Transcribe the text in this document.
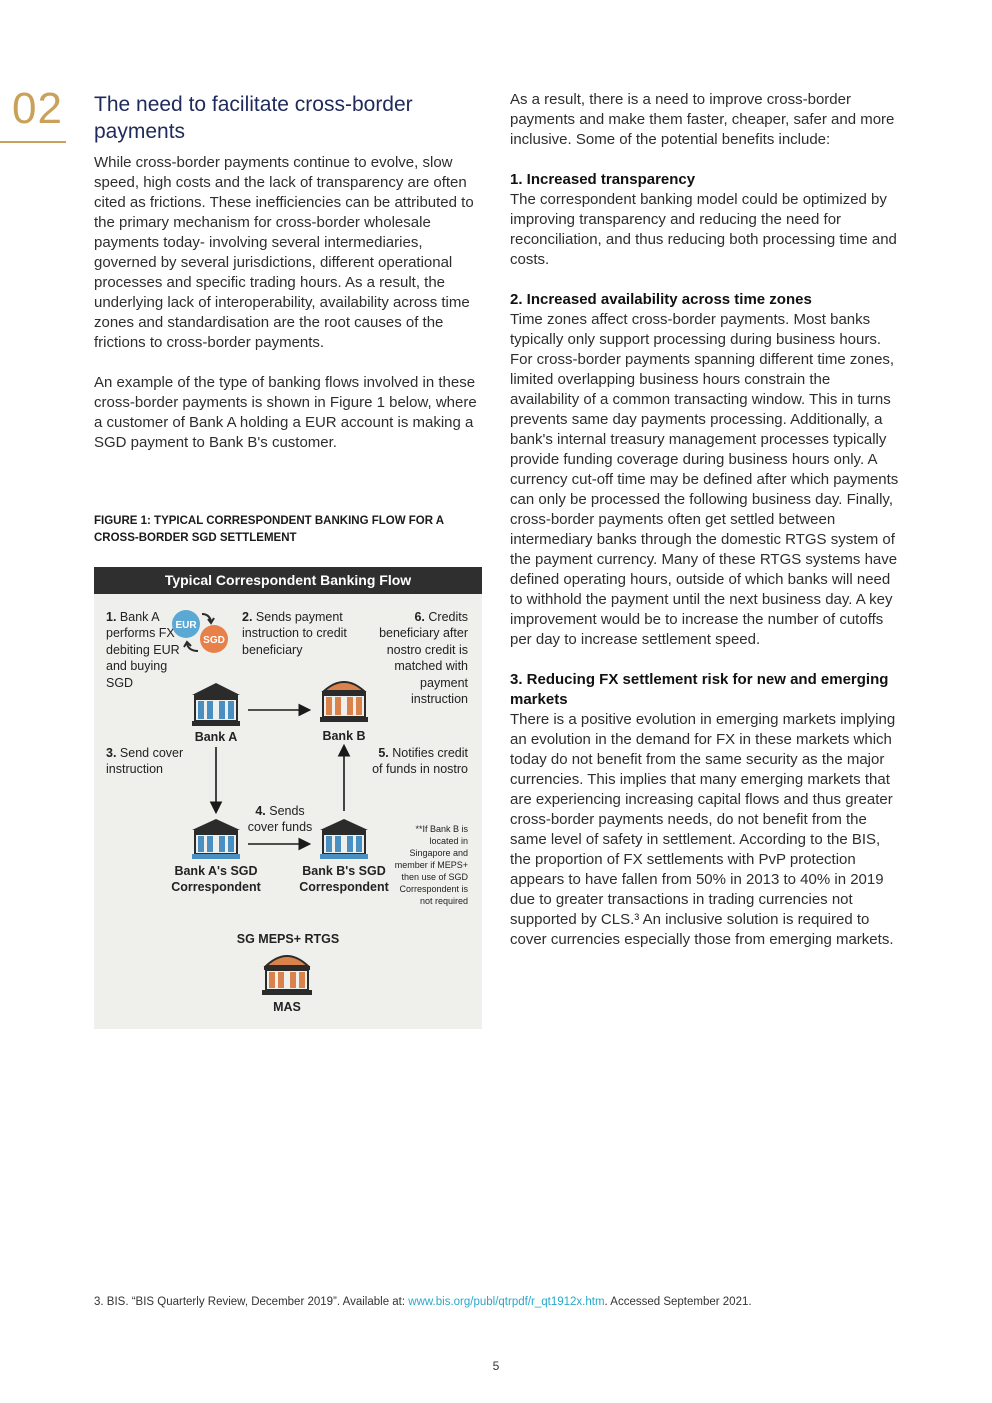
02 The need to facilitate cross-border payments

While cross-border payments continue to evolve, slow speed, high costs and the lack of transparency are often cited as frictions. These inefficiencies can be attributed to the primary mechanism for cross-border wholesale payments today- involving several intermediaries, governed by several jurisdictions, different operational processes and specific trading hours. As a result, the underlying lack of interoperability, availability across time zones and standardisation are the root causes of the frictions to cross-border payments.

An example of the type of banking flows involved in these cross-border payments is shown in Figure 1 below, where a customer of Bank A holding a EUR account is making a SGD payment to Bank B's customer.

FIGURE 1: TYPICAL CORRESPONDENT BANKING FLOW FOR A CROSS-BORDER SGD SETTLEMENT

Typical Correspondent Banking Flow
1. Bank A performs FX debiting EUR and buying SGD
EUR
SGD
2. Sends payment instruction to credit beneficiary
6. Credits beneficiary after nostro credit is matched with payment instruction
Bank A	Bank B
3. Send cover instruction
5. Notifies credit of funds in nostro
4. Sends cover funds
Bank A's SGD Correspondent
Bank B's SGD Correspondent
**If Bank B is located in Singapore and member if MEPS+ then use of SGD Correspondent is not required
SG MEPS+ RTGS
MAS

As a result, there is a need to improve cross-border payments and make them faster, cheaper, safer and more inclusive. Some of the potential benefits include:

1. Increased transparency

The correspondent banking model could be optimized by improving transparency and reducing the need for reconciliation, and thus reducing both processing time and costs.

2. Increased availability across time zones

Time zones affect cross-border payments. Most banks typically only support processing during business hours. For cross-border payments spanning different time zones, limited overlapping business hours constrain the availability of a common transacting window. This in turns prevents same day payments processing. Additionally, a bank's internal treasury management processes typically provide funding coverage during business hours only. A currency cut-off time may be defined after which payments can only be processed the following business day. Finally, cross-border payments often get settled between intermediary banks through the domestic RTGS system of the payment currency. Many of these RTGS systems have defined operating hours, outside of which banks will need to withhold the payment until the next business day. A key improvement would be to increase the number of cutoffs per day to increase settlement speed.

3. Reducing FX settlement risk for new and emerging markets

There is a positive evolution in emerging markets implying an evolution in the demand for FX in these markets which today do not benefit from the same security as the major currencies. This implies that many emerging markets that are experiencing increasing capital flows and thus greater cross-border payments needs, do not benefit from the same level of safety in settlement. According to the BIS, the proportion of FX settlements with PvP protection appears to have fallen from 50% in 2013 to 40% in 2019 due to greater transactions in trading currencies not supported by CLS.³ An inclusive solution is required to cover currencies especially those from emerging markets.

3. BIS. “BIS Quarterly Review, December 2019”. Available at: www.bis.org/publ/qtrpdf/r_qt1912x.htm. Accessed September 2021.
5
